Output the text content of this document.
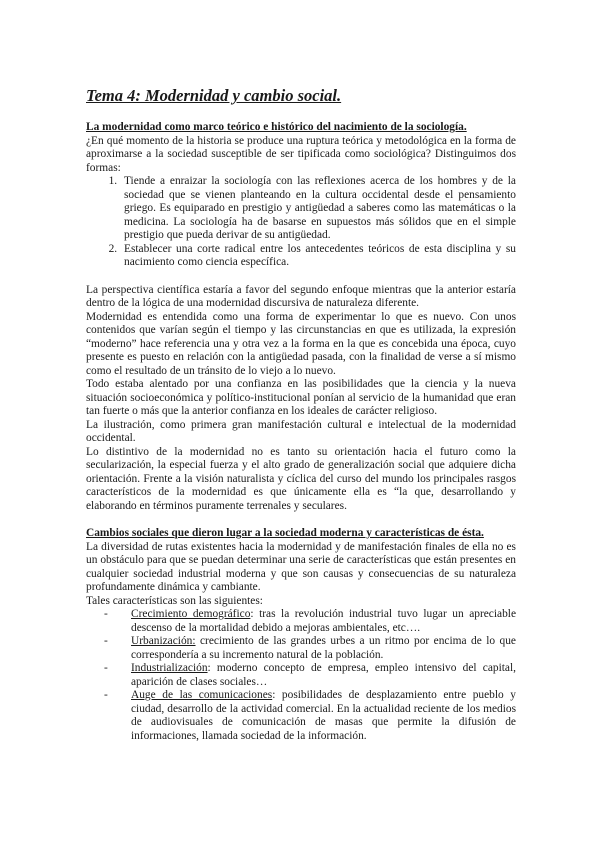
Tema 4: Modernidad y cambio social.
La modernidad como marco teórico e histórico del nacimiento de la sociología.

¿En qué momento de la historia se produce una ruptura teórica y metodológica en la forma de aproximarse a la sociedad susceptible de ser tipificada como sociológica? Distinguimos dos formas:

1. Tiende a enraizar la sociología con las reflexiones acerca de los hombres y de la sociedad que se vienen planteando en la cultura occidental desde el pensamiento griego. Es equiparado en prestigio y antigüedad a saberes como las matemáticas o la medicina. La sociología ha de basarse en supuestos más sólidos que en el simple prestigio que pueda derivar de su antigüedad.
2. Establecer una corte radical entre los antecedentes teóricos de esta disciplina y su nacimiento como ciencia específica.

La perspectiva científica estaría a favor del segundo enfoque mientras que la anterior estaría dentro de la lógica de una modernidad discursiva de naturaleza diferente.

Modernidad es entendida como una forma de experimentar lo que es nuevo. Con unos contenidos que varían según el tiempo y las circunstancias en que es utilizada, la expresión “moderno” hace referencia una y otra vez a la forma en la que es concebida una época, cuyo presente es puesto en relación con la antigüedad pasada, con la finalidad de verse a sí mismo como el resultado de un tránsito de lo viejo a lo nuevo.

Todo estaba alentado por una confianza en las posibilidades que la ciencia y la nueva situación socioeconómica y político-institucional ponían al servicio de la humanidad que eran tan fuerte o más que la anterior confianza en los ideales de carácter religioso.

La ilustración, como primera gran manifestación cultural e intelectual de la modernidad occidental.

Lo distintivo de la modernidad no es tanto su orientación hacia el futuro como la secularización, la especial fuerza y el alto grado de generalización social que adquiere dicha orientación. Frente a la visión naturalista y cíclica del curso del mundo los principales rasgos característicos de la modernidad es que únicamente ella es “la que, desarrollando y elaborando en términos puramente terrenales y seculares.

Cambios sociales que dieron lugar a la sociedad moderna y características de ésta.

La diversidad de rutas existentes hacia la modernidad y de manifestación finales de ella no es un obstáculo para que se puedan determinar una serie de características que están presentes en cualquier sociedad industrial moderna y que son causas y consecuencias de su naturaleza profundamente dinámica y cambiante.

Tales características son las siguientes:

- Crecimiento demográfico: tras la revolución industrial tuvo lugar un apreciable descenso de la mortalidad debido a mejoras ambientales, etc….
- Urbanización: crecimiento de las grandes urbes a un ritmo por encima de lo que correspondería a su incremento natural de la población.
- Industrialización: moderno concepto de empresa, empleo intensivo del capital, aparición de clases sociales…
- Auge de las comunicaciones: posibilidades de desplazamiento entre pueblo y ciudad, desarrollo de la actividad comercial. En la actualidad reciente de los medios de audiovisuales de comunicación de masas que permite la difusión de informaciones, llamada sociedad de la información.
